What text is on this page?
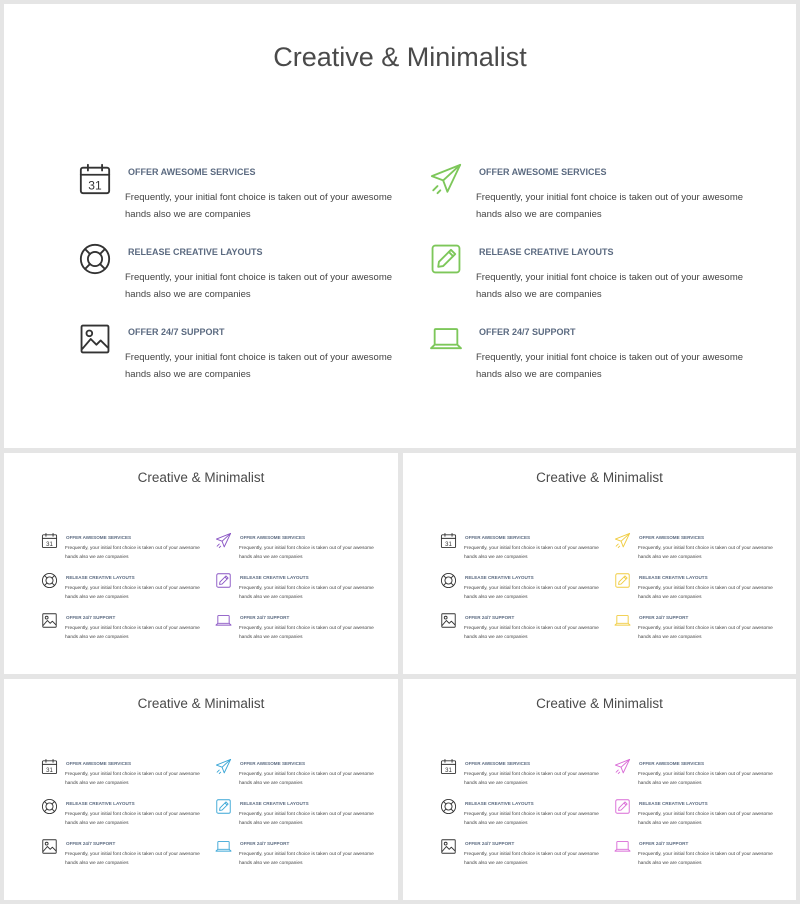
Creative & Minimalist
31
OFFER AWESOME SERVICES
Frequently, your initial font choice is taken out of your awesome
hands also we are companies
RELEASE CREATIVE LAYOUTS
Frequently, your initial font choice is taken out of your awesome
hands also we are companies
OFFER 24/7 SUPPORT
Frequently, your initial font choice is taken out of your awesome
hands also we are companies
OFFER AWESOME SERVICES
Frequently, your initial font choice is taken out of your awesome
hands also we are companies
RELEASE CREATIVE LAYOUTS
Frequently, your initial font choice is taken out of your awesome
hands also we are companies
OFFER 24/7 SUPPORT
Frequently, your initial font choice is taken out of your awesome
hands also we are companies
Creative & Minimalist
31
OFFER AWESOME SERVICES
Frequently, your initial font choice is taken out of your awesome
hands also we are companies
RELEASE CREATIVE LAYOUTS
Frequently, your initial font choice is taken out of your awesome
hands also we are companies
OFFER 24/7 SUPPORT
Frequently, your initial font choice is taken out of your awesome
hands also we are companies
OFFER AWESOME SERVICES
Frequently, your initial font choice is taken out of your awesome
hands also we are companies
RELEASE CREATIVE LAYOUTS
Frequently, your initial font choice is taken out of your awesome
hands also we are companies
OFFER 24/7 SUPPORT
Frequently, your initial font choice is taken out of your awesome
hands also we are companies
Creative & Minimalist
31
OFFER AWESOME SERVICES
Frequently, your initial font choice is taken out of your awesome
hands also we are companies
RELEASE CREATIVE LAYOUTS
Frequently, your initial font choice is taken out of your awesome
hands also we are companies
OFFER 24/7 SUPPORT
Frequently, your initial font choice is taken out of your awesome
hands also we are companies
OFFER AWESOME SERVICES
Frequently, your initial font choice is taken out of your awesome
hands also we are companies
RELEASE CREATIVE LAYOUTS
Frequently, your initial font choice is taken out of your awesome
hands also we are companies
OFFER 24/7 SUPPORT
Frequently, your initial font choice is taken out of your awesome
hands also we are companies
Creative & Minimalist
31
OFFER AWESOME SERVICES
Frequently, your initial font choice is taken out of your awesome
hands also we are companies
RELEASE CREATIVE LAYOUTS
Frequently, your initial font choice is taken out of your awesome
hands also we are companies
OFFER 24/7 SUPPORT
Frequently, your initial font choice is taken out of your awesome
hands also we are companies
OFFER AWESOME SERVICES
Frequently, your initial font choice is taken out of your awesome
hands also we are companies
RELEASE CREATIVE LAYOUTS
Frequently, your initial font choice is taken out of your awesome
hands also we are companies
OFFER 24/7 SUPPORT
Frequently, your initial font choice is taken out of your awesome
hands also we are companies
Creative & Minimalist
31
OFFER AWESOME SERVICES
Frequently, your initial font choice is taken out of your awesome
hands also we are companies
RELEASE CREATIVE LAYOUTS
Frequently, your initial font choice is taken out of your awesome
hands also we are companies
OFFER 24/7 SUPPORT
Frequently, your initial font choice is taken out of your awesome
hands also we are companies
OFFER AWESOME SERVICES
Frequently, your initial font choice is taken out of your awesome
hands also we are companies
RELEASE CREATIVE LAYOUTS
Frequently, your initial font choice is taken out of your awesome
hands also we are companies
OFFER 24/7 SUPPORT
Frequently, your initial font choice is taken out of your awesome
hands also we are companies
